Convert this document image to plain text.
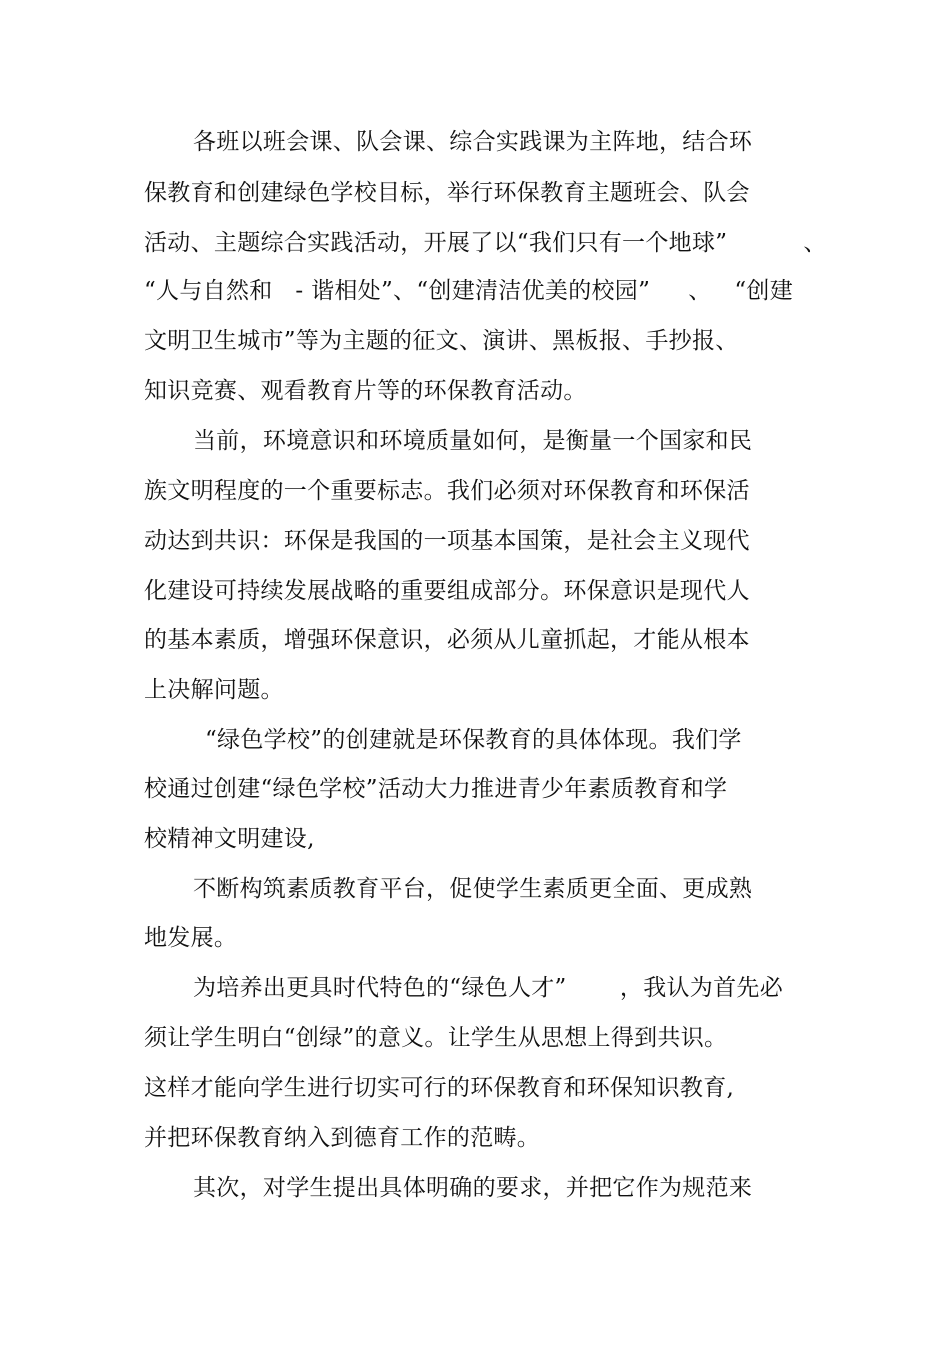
各班以班会课、队会课、综合实践课为主阵地，结合环
保教育和创建绿色学校目标，举行环保教育主题班会、队会
活动、主题综合实践活动，开展了以“我们只有一个地球”          、
“人与自然和   - 谐相处”、“创建清洁优美的校园”     、   “创建
文明卫生城市”等为主题的征文、演讲、黑板报、手抄报、
知识竞赛、观看教育片等的环保教育活动。
当前，环境意识和环境质量如何，是衡量一个国家和民
族文明程度的一个重要标志。我们必须对环保教育和环保活
动达到共识：环保是我国的一项基本国策，是社会主义现代
化建设可持续发展战略的重要组成部分。环保意识是现代人
的基本素质，增强环保意识，必须从儿童抓起，才能从根本
上决解问题。
“绿色学校”的创建就是环保教育的具体体现。我们学
校通过创建“绿色学校”活动大力推进青少年素质教育和学
校精神文明建设,
不断构筑素质教育平台，促使学生素质更全面、更成熟
地发展。
为培养出更具时代特色的“绿色人才”       ，我认为首先必
须让学生明白“创绿”的意义。让学生从思想上得到共识。
这样才能向学生进行切实可行的环保教育和环保知识教育,
并把环保教育纳入到德育工作的范畴。
其次，对学生提出具体明确的要求，并把它作为规范来
